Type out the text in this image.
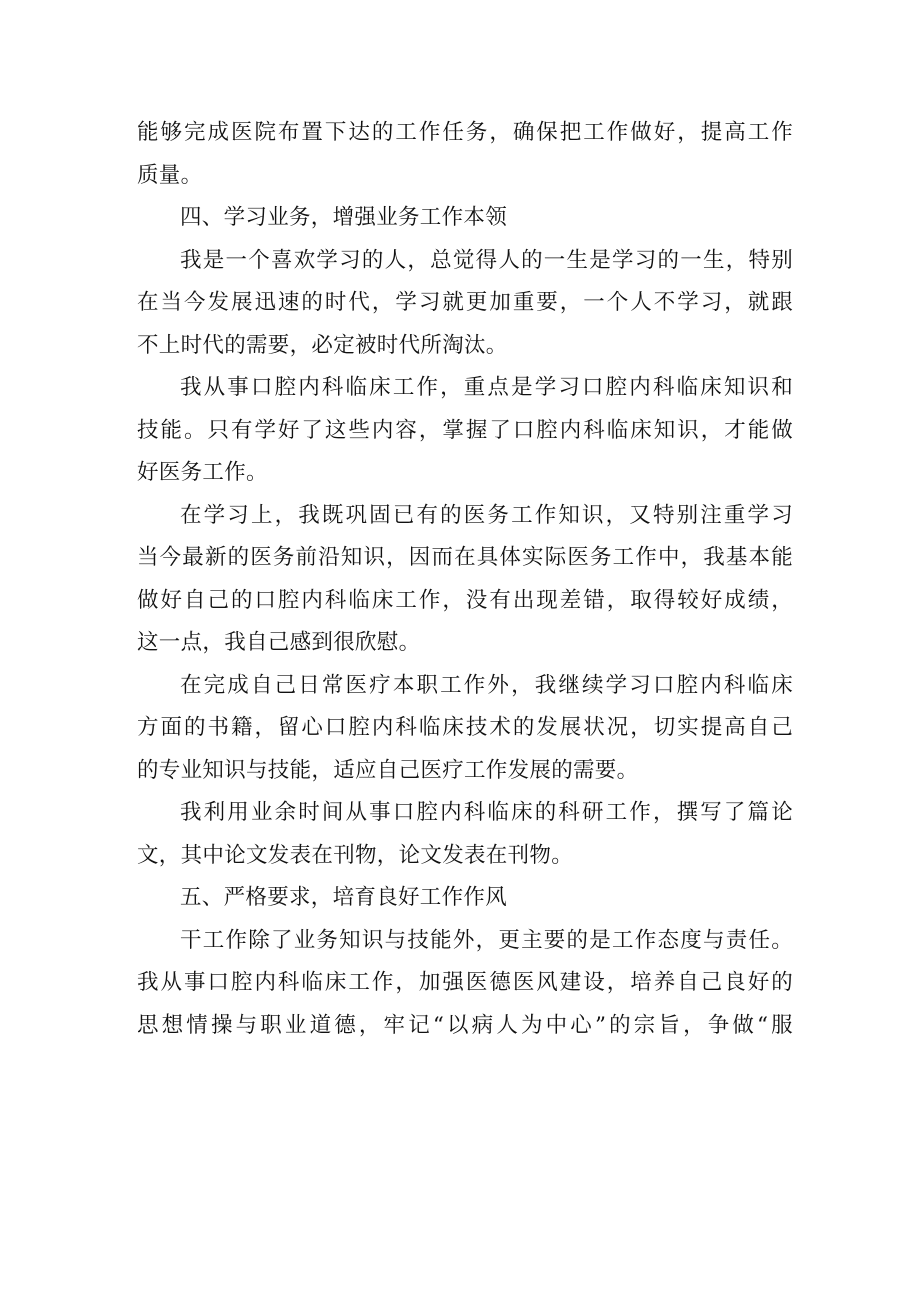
能够完成医院布置下达的工作任务，确保把工作做好，提高工作
质量。
四、学习业务，增强业务工作本领
我是一个喜欢学习的人，总觉得人的一生是学习的一生，特别
在当今发展迅速的时代，学习就更加重要，一个人不学习，就跟
不上时代的需要，必定被时代所淘汰。
我从事口腔内科临床工作，重点是学习口腔内科临床知识和
技能。只有学好了这些内容，掌握了口腔内科临床知识，才能做
好医务工作。
在学习上，我既巩固已有的医务工作知识，又特别注重学习
当今最新的医务前沿知识，因而在具体实际医务工作中，我基本能
做好自己的口腔内科临床工作，没有出现差错，取得较好成绩，
这一点，我自己感到很欣慰。
在完成自己日常医疗本职工作外，我继续学习口腔内科临床
方面的书籍，留心口腔内科临床技术的发展状况，切实提高自己
的专业知识与技能，适应自己医疗工作发展的需要。
我利用业余时间从事口腔内科临床的科研工作，撰写了篇论
文，其中论文发表在刊物，论文发表在刊物。
五、严格要求，培育良好工作作风
干工作除了业务知识与技能外，更主要的是工作态度与责任。
我从事口腔内科临床工作，加强医德医风建设，培养自己良好的
思想情操与职业道德，牢记“以病人为中心”的宗旨，争做“服
